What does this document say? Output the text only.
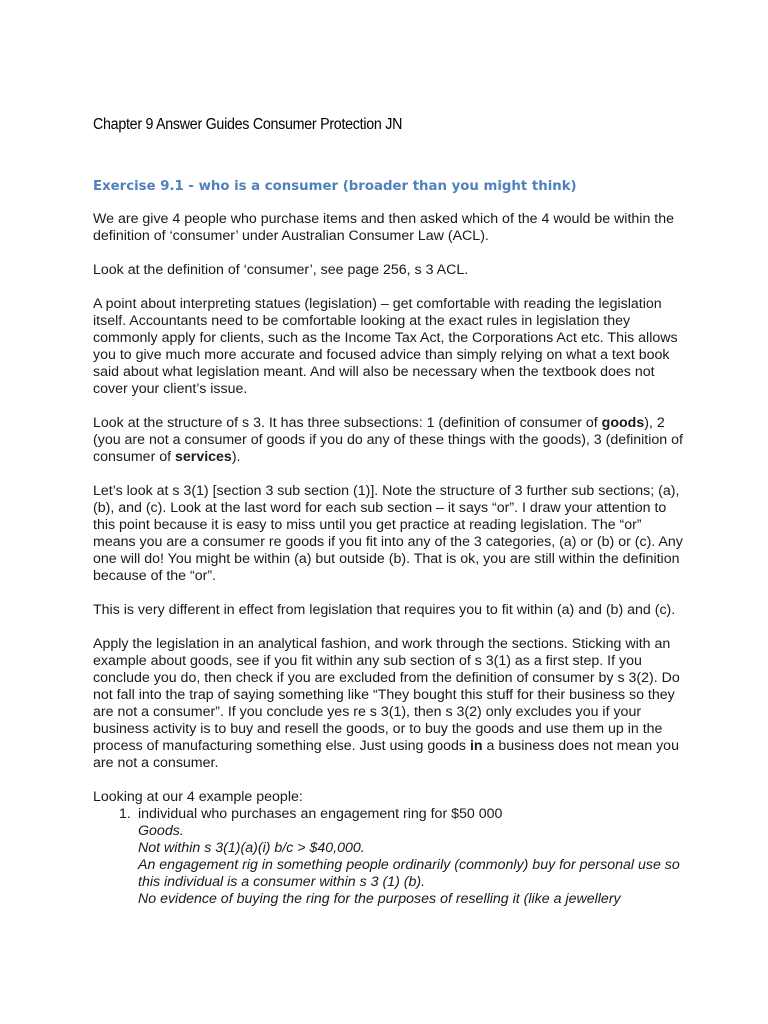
Chapter 9 Answer Guides Consumer Protection JN
Exercise 9.1 - who is a consumer (broader than you might think)
We are give 4 people who purchase items and then asked which of the 4 would be within the definition of ‘consumer’ under Australian Consumer Law (ACL).
Look at the definition of ‘consumer’, see page 256, s 3 ACL.
A point about interpreting statues (legislation) – get comfortable with reading the legislation itself. Accountants need to be comfortable looking at the exact rules in legislation they commonly apply for clients, such as the Income Tax Act, the Corporations Act etc. This allows you to give much more accurate and focused advice than simply relying on what a text book said about what legislation meant. And will also be necessary when the textbook does not cover your client’s issue.
Look at the structure of s 3. It has three subsections: 1 (definition of consumer of goods), 2 (you are not a consumer of goods if you do any of these things with the goods), 3 (definition of consumer of services).
Let’s look at s 3(1) [section 3 sub section (1)]. Note the structure of 3 further sub sections; (a), (b), and (c). Look at the last word for each sub section – it says “or”. I draw your attention to this point because it is easy to miss until you get practice at reading legislation. The “or” means you are a consumer re goods if you fit into any of the 3 categories, (a) or (b) or (c). Any one will do! You might be within (a) but outside (b). That is ok, you are still within the definition because of the “or”.
This is very different in effect from legislation that requires you to fit within (a) and (b) and (c).
Apply the legislation in an analytical fashion, and work through the sections. Sticking with an example about goods, see if you fit within any sub section of s 3(1) as a first step. If you conclude you do, then check if you are excluded from the definition of consumer by s 3(2). Do not fall into the trap of saying something like “They bought this stuff for their business so they are not a consumer”. If you conclude yes re s 3(1), then s 3(2) only excludes you if your business activity is to buy and resell the goods, or to buy the goods and use them up in the process of manufacturing something else. Just using goods in a business does not mean you are not a consumer.
Looking at our 4 example people:
1. individual who purchases an engagement ring for $50 000
Goods.
Not within s 3(1)(a)(i) b/c > $40,000.
An engagement rig in something people ordinarily (commonly) buy for personal use so this individual is a consumer within s 3 (1) (b).
No evidence of buying the ring for the purposes of reselling it (like a jewellery
